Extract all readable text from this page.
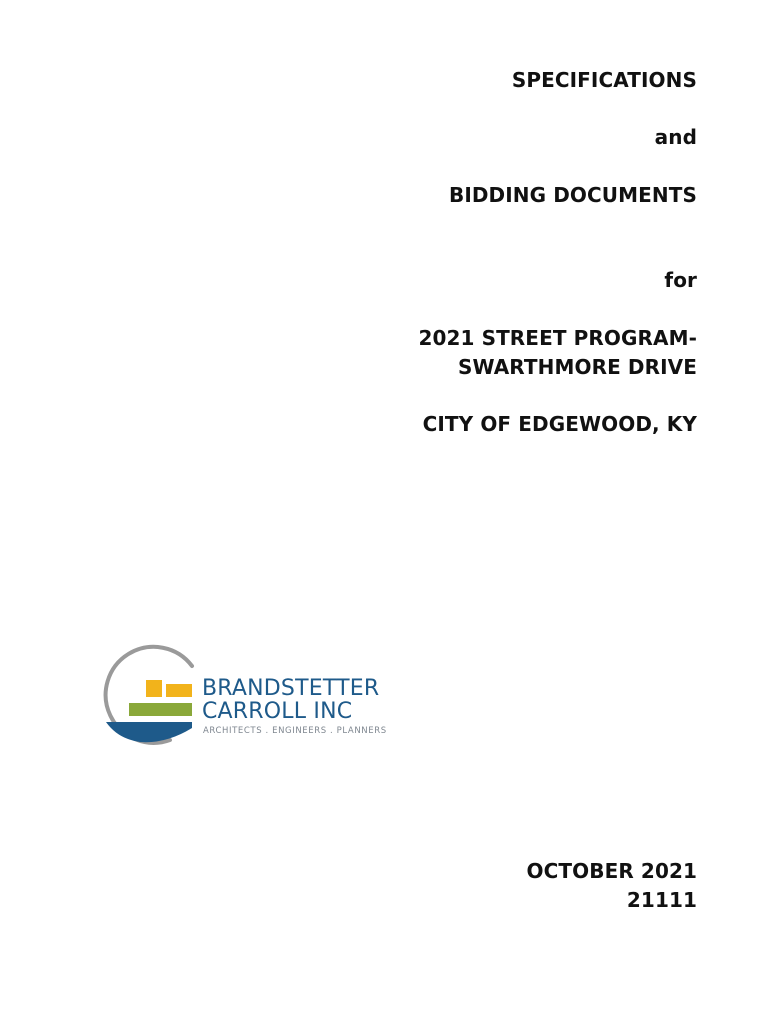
SPECIFICATIONS
and
BIDDING DOCUMENTS
for
2021 STREET PROGRAM-
SWARTHMORE DRIVE
CITY OF EDGEWOOD, KY
BRANDSTETTER
CARROLL INC
ARCHITECTS . ENGINEERS . PLANNERS
OCTOBER 2021
21111
